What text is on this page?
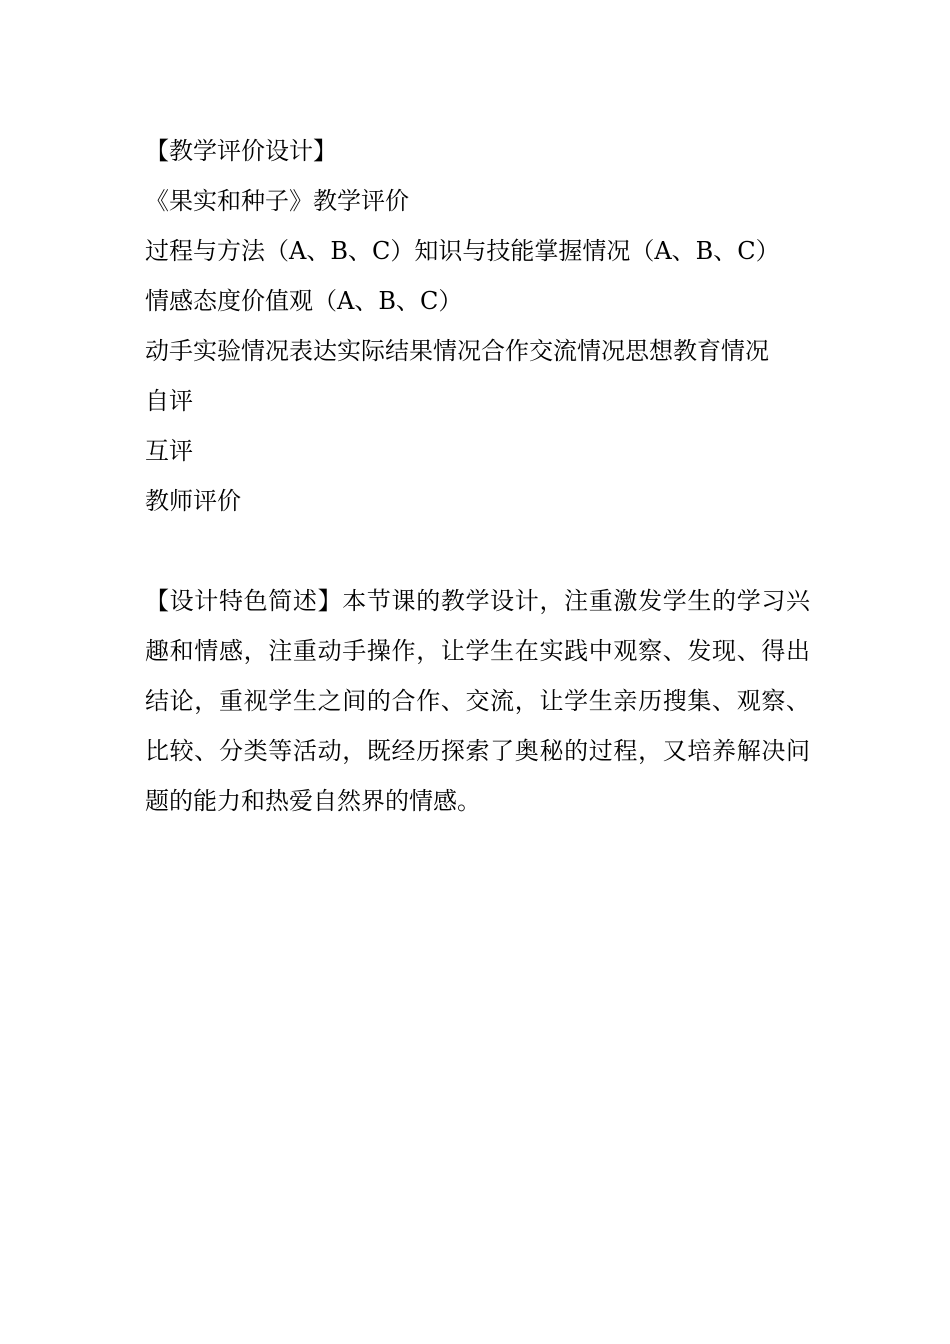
【教学评价设计】
《果实和种子》教学评价
过程与方法（A、B、C）知识与技能掌握情况（A、B、C）
情感态度价值观（A、B、C）
动手实验情况表达实际结果情况合作交流情况思想教育情况
自评
互评
教师评价
【设计特色简述】本节课的教学设计，注重激发学生的学习兴趣和情感，注重动手操作，让学生在实践中观察、发现、得出结论，重视学生之间的合作、交流，让学生亲历搜集、观察、比较、分类等活动，既经历探索了奥秘的过程，又培养解决问题的能力和热爱自然界的情感。
